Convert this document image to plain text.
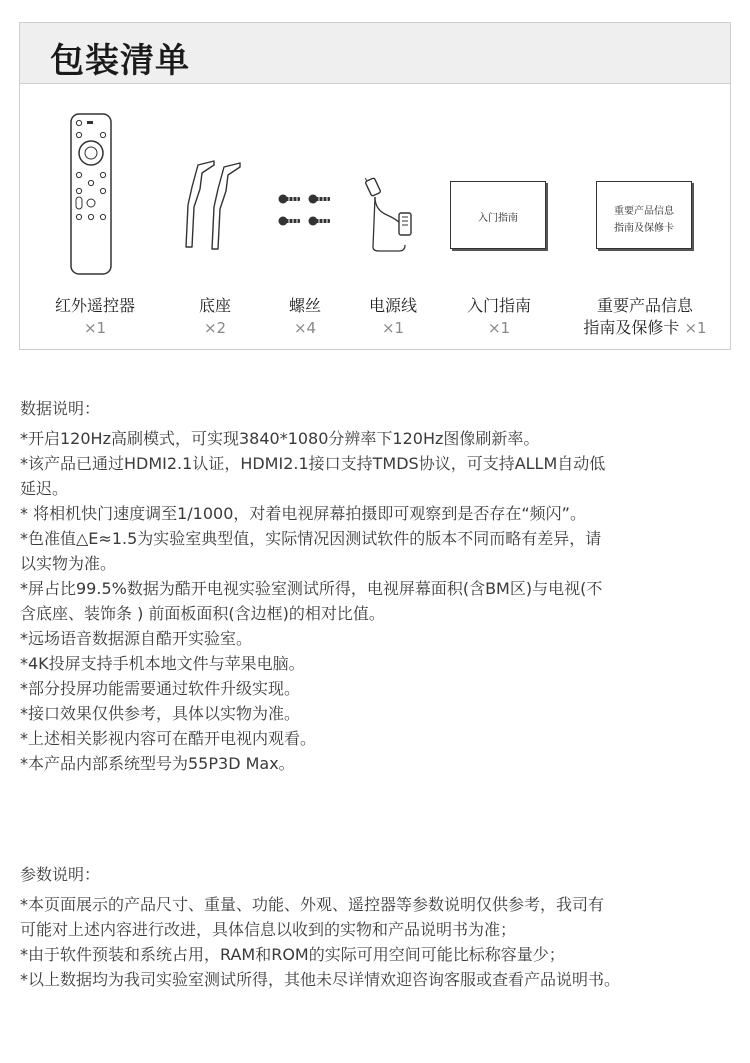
包装清单
红外遥控器
×1
底座
×2
螺丝
×4
电源线
×1
入门指南
入门指南
×1
重要产品信息
指南及保修卡
重要产品信息
指南及保修卡 ×1
数据说明：
*开启120Hz高刷模式，可实现3840*1080分辨率下120Hz图像刷新率。
*该产品已通过HDMI2.1认证，HDMI2.1接口支持TMDS协议，可支持ALLM自动低
延迟。
* 将相机快门速度调至1/1000，对着电视屏幕拍摄即可观察到是否存在“频闪”。
*色准值△E≈1.5为实验室典型值，实际情况因测试软件的版本不同而略有差异，请
以实物为准。
*屏占比99.5%数据为酷开电视实验室测试所得，电视屏幕面积(含BM区)与电视(不
含底座、装饰条 ) 前面板面积(含边框)的相对比值。
*远场语音数据源自酷开实验室。
*4K投屏支持手机本地文件与苹果电脑。
*部分投屏功能需要通过软件升级实现。
*接口效果仅供参考，具体以实物为准。
*上述相关影视内容可在酷开电视内观看。
*本产品内部系统型号为55P3D Max。
参数说明：
*本页面展示的产品尺寸、重量、功能、外观、遥控器等参数说明仅供参考，我司有
可能对上述内容进行改进，具体信息以收到的实物和产品说明书为准；
*由于软件预装和系统占用，RAM和ROM的实际可用空间可能比标称容量少；
*以上数据均为我司实验室测试所得，其他未尽详情欢迎咨询客服或查看产品说明书。
